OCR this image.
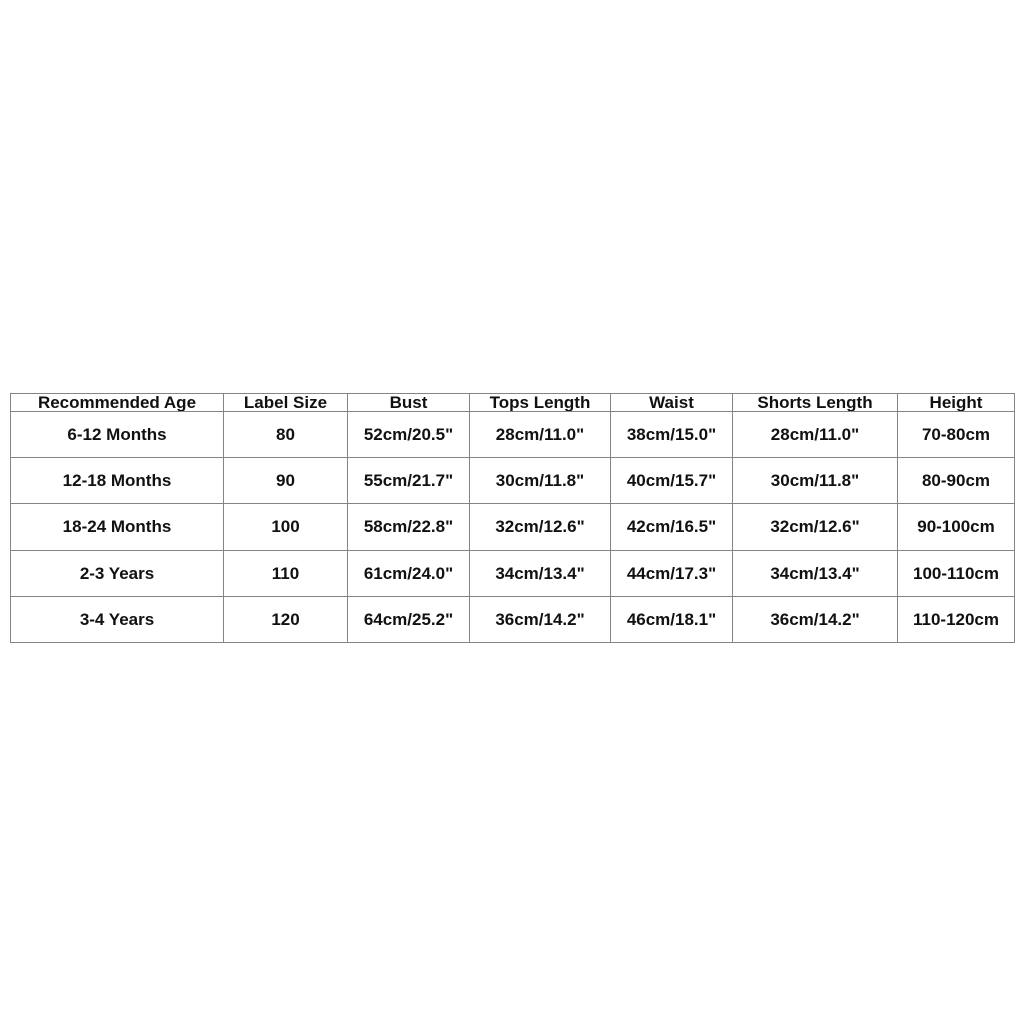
Recommended Age	Label Size	Bust	Tops Length	Waist	Shorts Length	Height
6-12 Months	80	52cm/20.5"	28cm/11.0"	38cm/15.0"	28cm/11.0"	70-80cm
12-18 Months	90	55cm/21.7"	30cm/11.8"	40cm/15.7"	30cm/11.8"	80-90cm
18-24 Months	100	58cm/22.8"	32cm/12.6"	42cm/16.5"	32cm/12.6"	90-100cm
2-3 Years	110	61cm/24.0"	34cm/13.4"	44cm/17.3"	34cm/13.4"	100-110cm
3-4 Years	120	64cm/25.2"	36cm/14.2"	46cm/18.1"	36cm/14.2"	110-120cm
